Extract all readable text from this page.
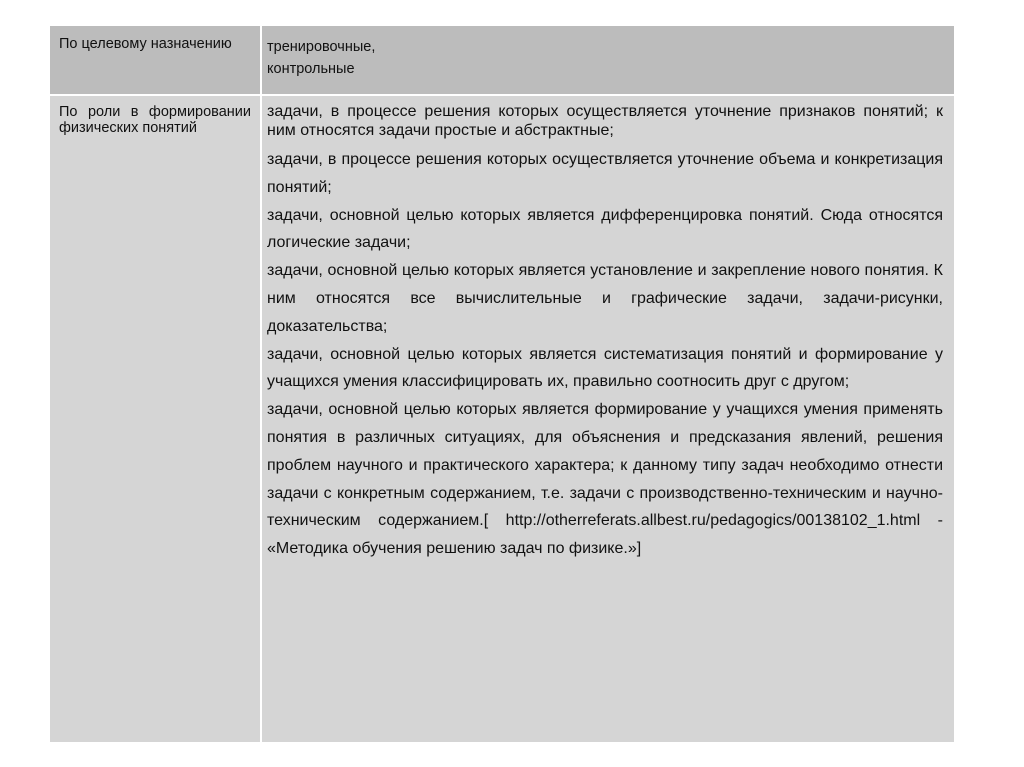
По целевому назначению	тренировочные,
контрольные
По роли в формировании физических понятий

задачи, в процессе решения которых осуществляется уточнение признаков понятий; к ним относятся задачи простые и абстрактные;

задачи, в процессе решения которых осуществляется уточнение объема и конкретизация понятий;

задачи, основной целью которых является дифференцировка понятий. Сюда относятся логические задачи;

задачи, основной целью которых является установление и закрепление нового понятия. К ним относятся все вычислительные и графические задачи, задачи-рисунки, доказательства;

задачи, основной целью которых является систематизация понятий и формирование у учащихся умения классифицировать их, правильно соотносить друг с другом;

задачи, основной целью которых является формирование у учащихся умения применять понятия в различных ситуациях, для объяснения и предсказания явлений, решения проблем научного и практического характера; к данному типу задач необходимо отнести задачи с конкретным содержанием, т.е. задачи с производственно-техническим и научно-техническим содержанием.[ http://otherreferats.allbest.ru/pedagogics/00138102_1.html - «Методика обучения решению задач по физике.»]
